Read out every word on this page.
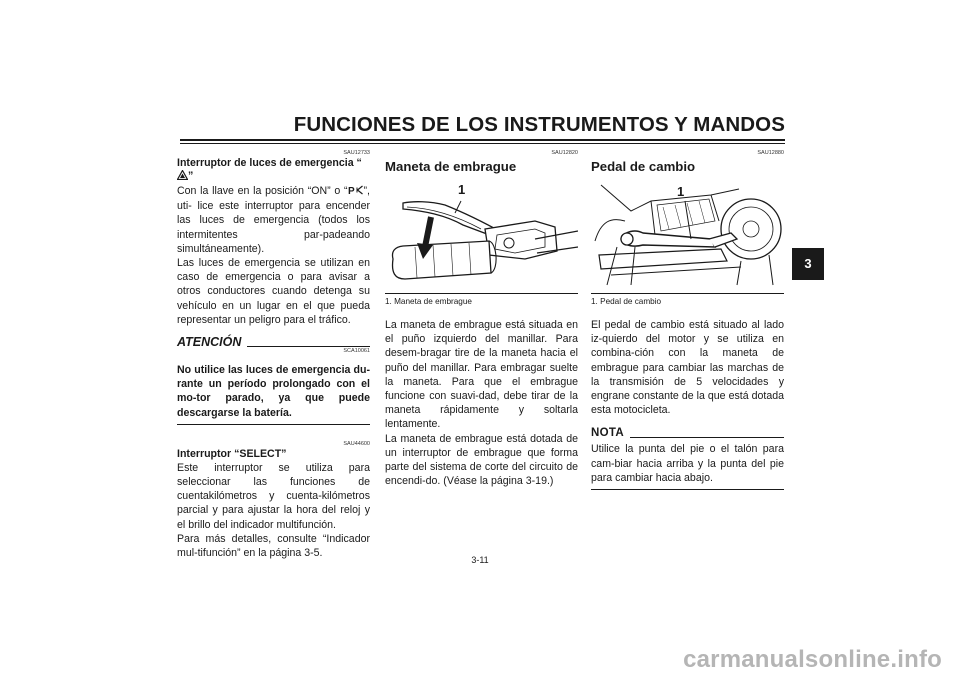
FUNCIONES DE LOS INSTRUMENTOS Y MANDOS
3
SAU12733
Interruptor de luces de emergencia “”

Con la llave en la posición “ON” o “ P ”, uti- lice este interruptor para encender las luces de emergencia (todos los intermitentes par-padeando simultáneamente).

Las luces de emergencia se utilizan en caso de emergencia o para avisar a otros conductores cuando detenga su vehículo en un lugar en el que pueda representar un peligro para el tráfico.

ATENCIÓN
SCA10061

No utilice las luces de emergencia du-rante un período prolongado con el mo-tor parado, ya que puede descargarse la batería.

SAU44600
Interruptor “SELECT”

Este interruptor se utiliza para seleccionar las funciones de cuentakilómetros y cuenta-kilómetros parcial y para ajustar la hora del reloj y el brillo del indicador multifunción.

Para más detalles, consulte “Indicador mul-tifunción” en la página 3-5.

SAU12820
Maneta de embrague
1
1. Maneta de embrague

La maneta de embrague está situada en el puño izquierdo del manillar. Para desem-bragar tire de la maneta hacia el puño del manillar. Para embragar suelte la maneta. Para que el embrague funcione con suavi-dad, debe tirar de la maneta rápidamente y soltarla lentamente.

La maneta de embrague está dotada de un interruptor de embrague que forma parte del sistema de corte del circuito de encendi-do. (Véase la página 3-19.)

SAU12880
Pedal de cambio
1
1. Pedal de cambio

El pedal de cambio está situado al lado iz-quierdo del motor y se utiliza en combina-ción con la maneta de embrague para cambiar las marchas de la transmisión de 5 velocidades y engrane constante de la que está dotada esta motocicleta.

NOTA

Utilice la punta del pie o el talón para cam-biar hacia arriba y la punta del pie para cambiar hacia abajo.

3-11
carmanualsonline.info
